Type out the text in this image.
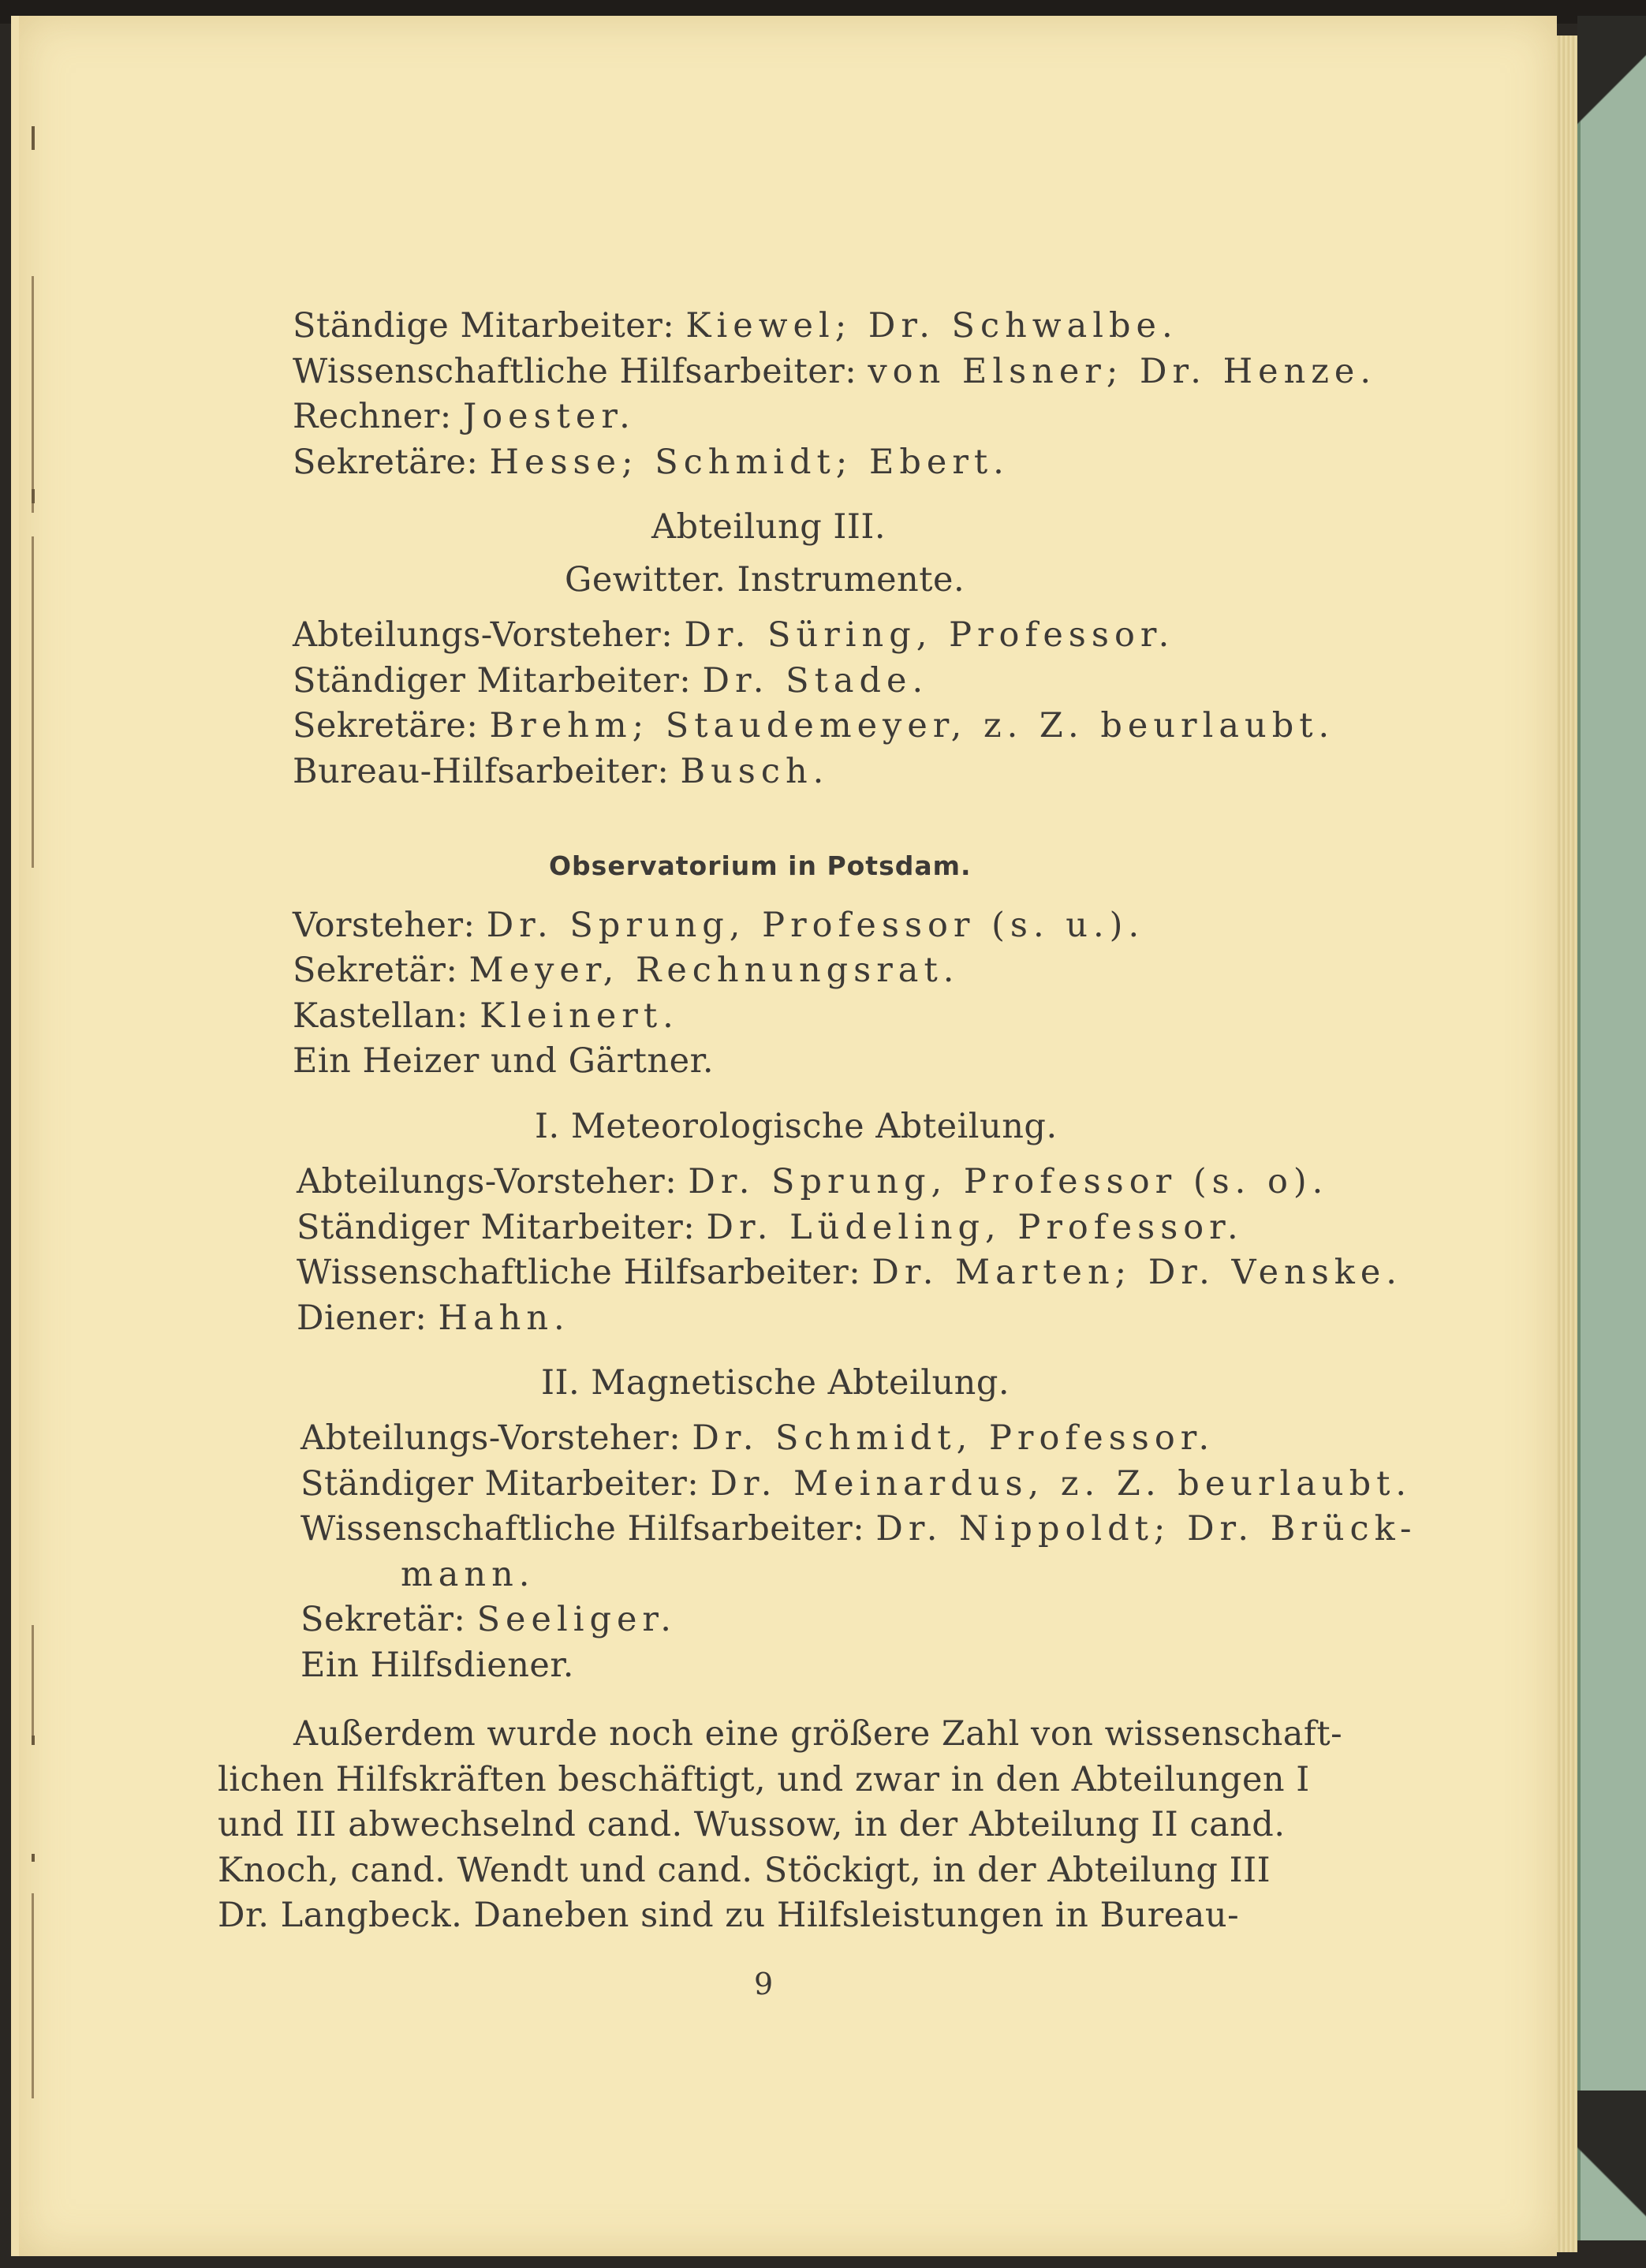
Ständige Mitarbeiter: Kiewel; Dr. Schwalbe.
Wissenschaftliche Hilfsarbeiter: von Elsner; Dr. Henze.
Rechner: Joester.
Sekretäre: Hesse; Schmidt; Ebert.
Abteilung III.
Gewitter. Instrumente.
Abteilungs-Vorsteher: Dr. Süring, Professor.
Ständiger Mitarbeiter: Dr. Stade.
Sekretäre: Brehm; Staudemeyer, z. Z. beurlaubt.
Bureau-Hilfsarbeiter: Busch.
Observatorium in Potsdam.
Vorsteher: Dr. Sprung, Professor (s. u.).
Sekretär: Meyer, Rechnungsrat.
Kastellan: Kleinert.
Ein Heizer und Gärtner.
I. Meteorologische Abteilung.
Abteilungs-Vorsteher: Dr. Sprung, Professor (s. o).
Ständiger Mitarbeiter: Dr. Lüdeling, Professor.
Wissenschaftliche Hilfsarbeiter: Dr. Marten; Dr. Venske.
Diener: Hahn.
II. Magnetische Abteilung.
Abteilungs-Vorsteher: Dr. Schmidt, Professor.
Ständiger Mitarbeiter: Dr. Meinardus, z. Z. beurlaubt.
Wissenschaftliche Hilfsarbeiter: Dr. Nippoldt; Dr. Brück-
mann.
Sekretär: Seeliger.
Ein Hilfsdiener.
Außerdem wurde noch eine größere Zahl von wissenschaft-
lichen Hilfskräften beschäftigt, und zwar in den Abteilungen I
und III abwechselnd cand. Wussow, in der Abteilung II cand.
Knoch, cand. Wendt und cand. Stöckigt, in der Abteilung III
Dr. Langbeck. Daneben sind zu Hilfsleistungen in Bureau-
9
